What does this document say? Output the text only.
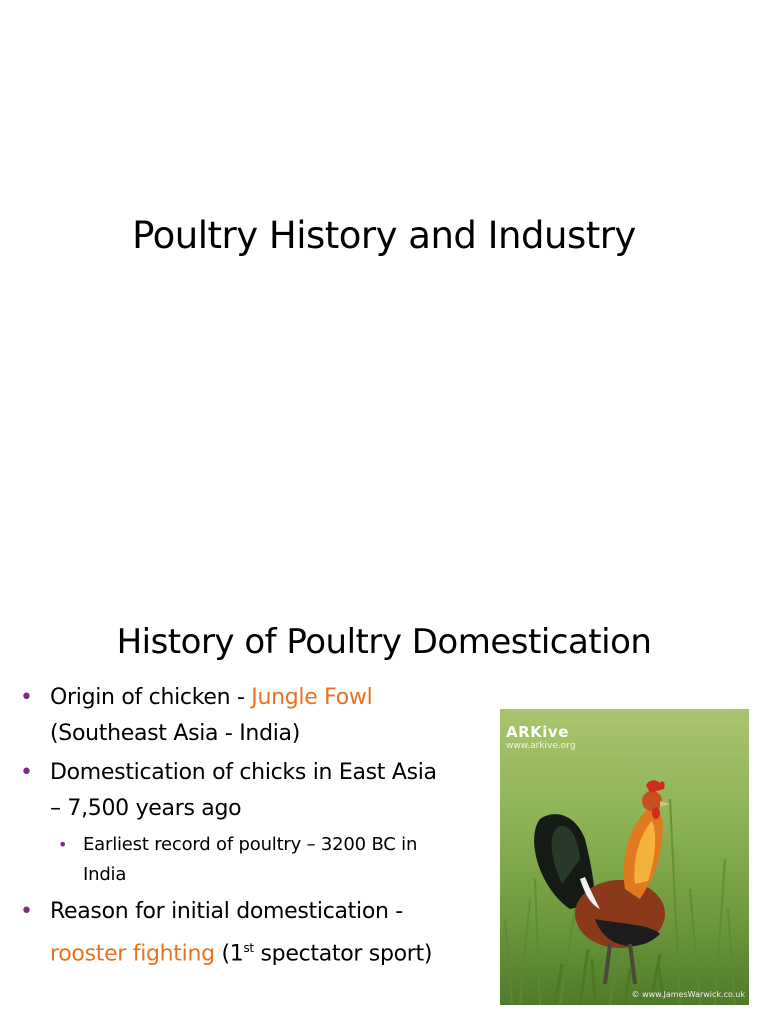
Poultry History and Industry
History of Poultry Domestication
• Origin of chicken - Jungle Fowl
(Southeast Asia - India)
• Domestication of chicks in East Asia
– 7,500 years ago
• Earliest record of poultry – 3200 BC in
India
• Reason for initial domestication -
rooster fighting (1st spectator sport)
ARKive
www.arkive.org
© www.JamesWarwick.co.uk
